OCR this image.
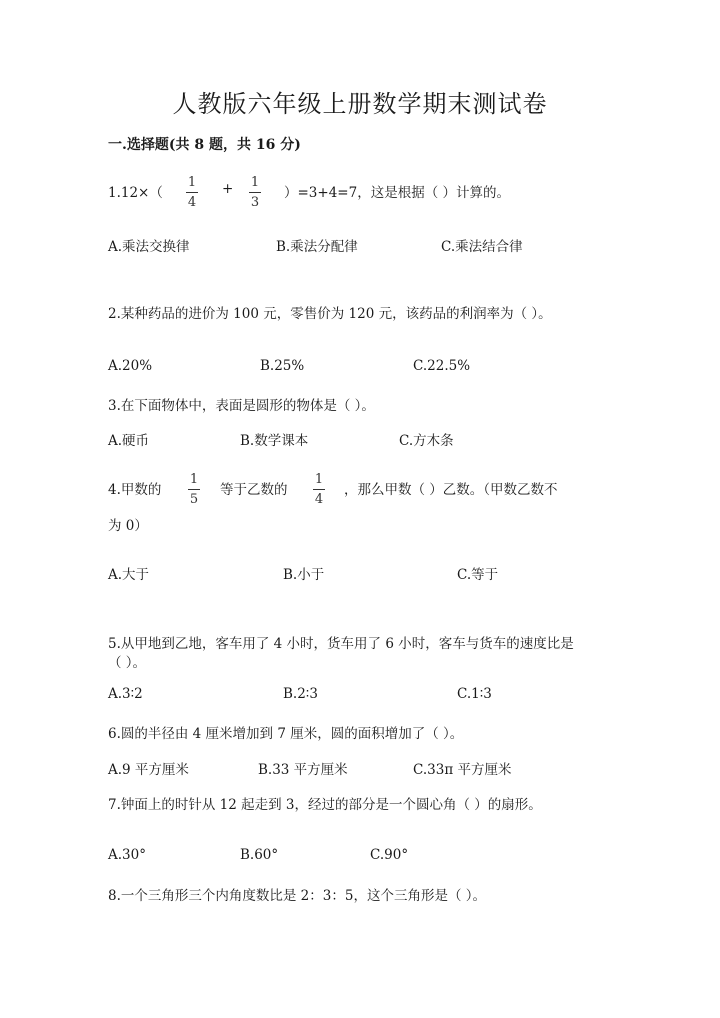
人教版六年级上册数学期末测试卷
一.选择题(共 8 题，共 16 分)
1.12×（
1
4
+ 1
3
）=3+4=7，这是根据（ ）计算的。
A.乘法交换律	B.乘法分配律	C.乘法结合律
2.某种药品的进价为 100 元，零售价为 120 元，该药品的利润率为（ ）。
A.20%	B.25%	C.22.5%
3.在下面物体中，表面是圆形的物体是（ ）。
A.硬币	B.数学课本	C.方木条
4.甲数的
1
5
等于乙数的
1
4
，那么甲数（ ）乙数。（甲数乙数不
为 0）
A.大于	B.小于	C.等于
5.从甲地到乙地，客车用了 4 小时，货车用了 6 小时，客车与货车的速度比是
（ ）。
A.3∶2	B.2∶3	C.1∶3
6.圆的半径由 4 厘米增加到 7 厘米，圆的面积增加了（ ）。
A.9 平方厘米	B.33 平方厘米	C.33π 平方厘米
7.钟面上的时针从 12 起走到 3，经过的部分是一个圆心角（ ）的扇形。
A.30°	B.60°	C.90°
8.一个三角形三个内角度数比是 2：3：5，这个三角形是（ ）。
